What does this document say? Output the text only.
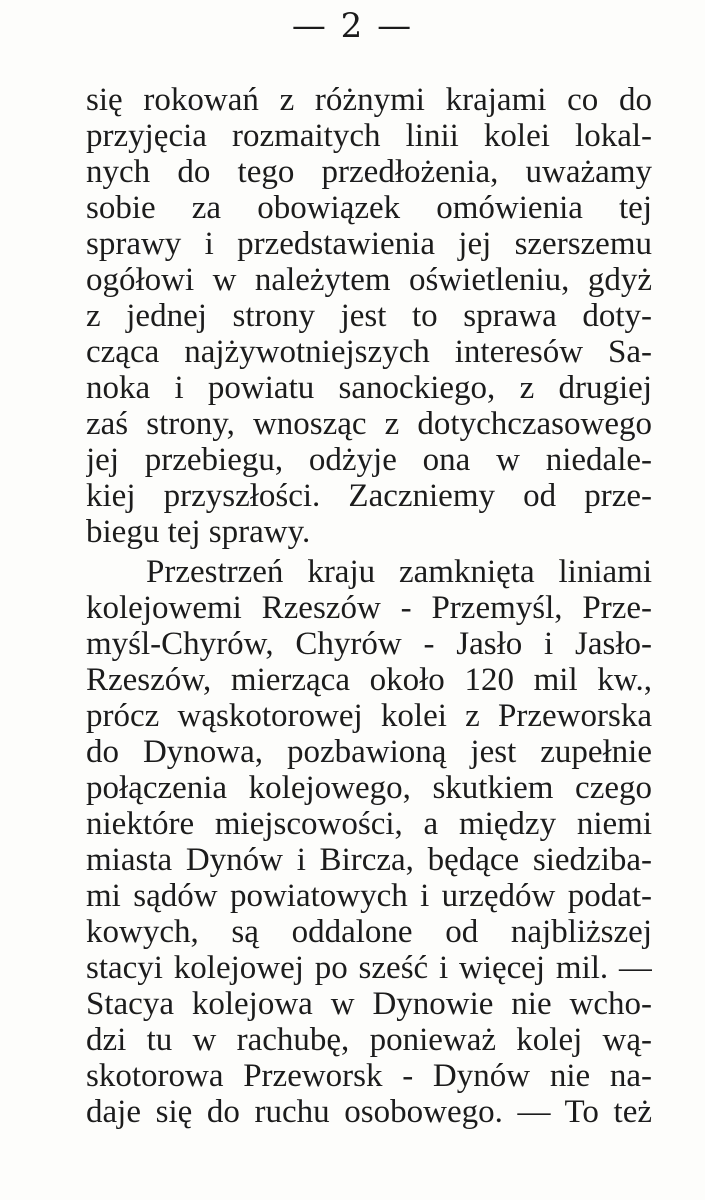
— 2 —
się rokowań z różnymi krajami co do
przyjęcia rozmaitych linii kolei lokal-
nych do tego przedłożenia, uważamy
sobie za obowiązek omówienia tej
sprawy i przedstawienia jej szerszemu
ogółowi w należytem oświetleniu, gdyż
z jednej strony jest to sprawa doty-
cząca najżywotniejszych interesów Sa-
noka i powiatu sanockiego, z drugiej
zaś strony, wnosząc z dotychczasowego
jej przebiegu, odżyje ona w niedale-
kiej przyszłości. Zaczniemy od prze-
biegu tej sprawy.
Przestrzeń kraju zamknięta liniami
kolejowemi Rzeszów - Przemyśl, Prze-
myśl-Chyrów, Chyrów - Jasło i Jasło-
Rzeszów, mierząca około 120 mil kw.,
prócz wąskotorowej kolei z Przeworska
do Dynowa, pozbawioną jest zupełnie
połączenia kolejowego, skutkiem czego
niektóre miejscowości, a między niemi
miasta Dynów i Bircza, będące siedziba-
mi sądów powiatowych i urzędów podat-
kowych, są oddalone od najbliższej
stacyi kolejowej po sześć i więcej mil. —
Stacya kolejowa w Dynowie nie wcho-
dzi tu w rachubę, ponieważ kolej wą-
skotorowa Przeworsk - Dynów nie na-
daje się do ruchu osobowego. — To też
